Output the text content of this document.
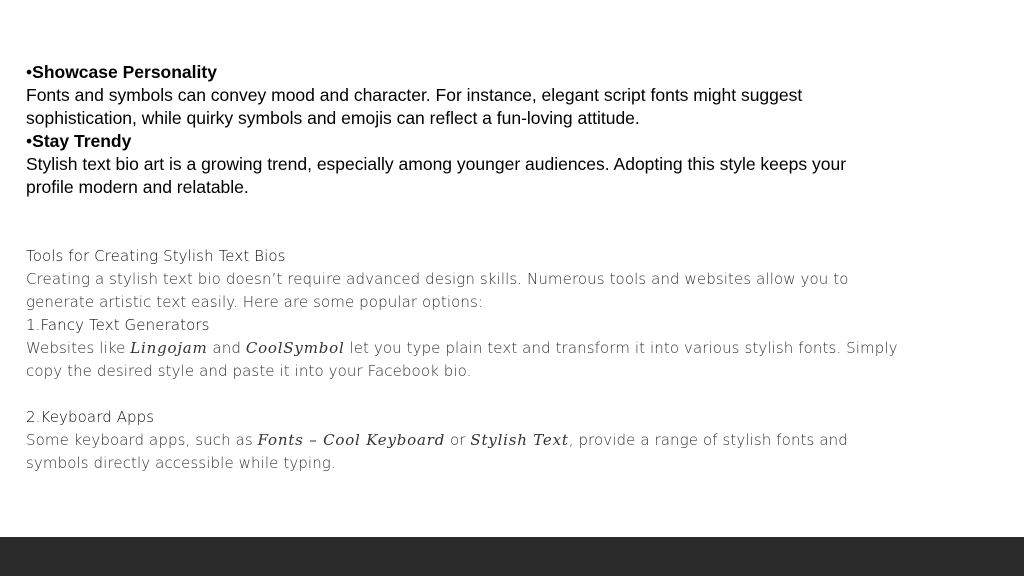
•Showcase Personality

Fonts and symbols can convey mood and character. For instance, elegant script fonts might suggest sophistication, while quirky symbols and emojis can reflect a fun-loving attitude.

•Stay Trendy

Stylish text bio art is a growing trend, especially among younger audiences. Adopting this style keeps your profile modern and relatable.

Tools for Creating Stylish Text Bios

Creating a stylish text bio doesn’t require advanced design skills. Numerous tools and websites allow you to generate artistic text easily. Here are some popular options:

1.Fancy Text Generators

Websites like Lingojam and CoolSymbol let you type plain text and transform it into various stylish fonts. Simply copy the desired style and paste it into your Facebook bio.

2.Keyboard Apps

Some keyboard apps, such as Fonts – Cool Keyboard or Stylish Text, provide a range of stylish fonts and symbols directly accessible while typing.
